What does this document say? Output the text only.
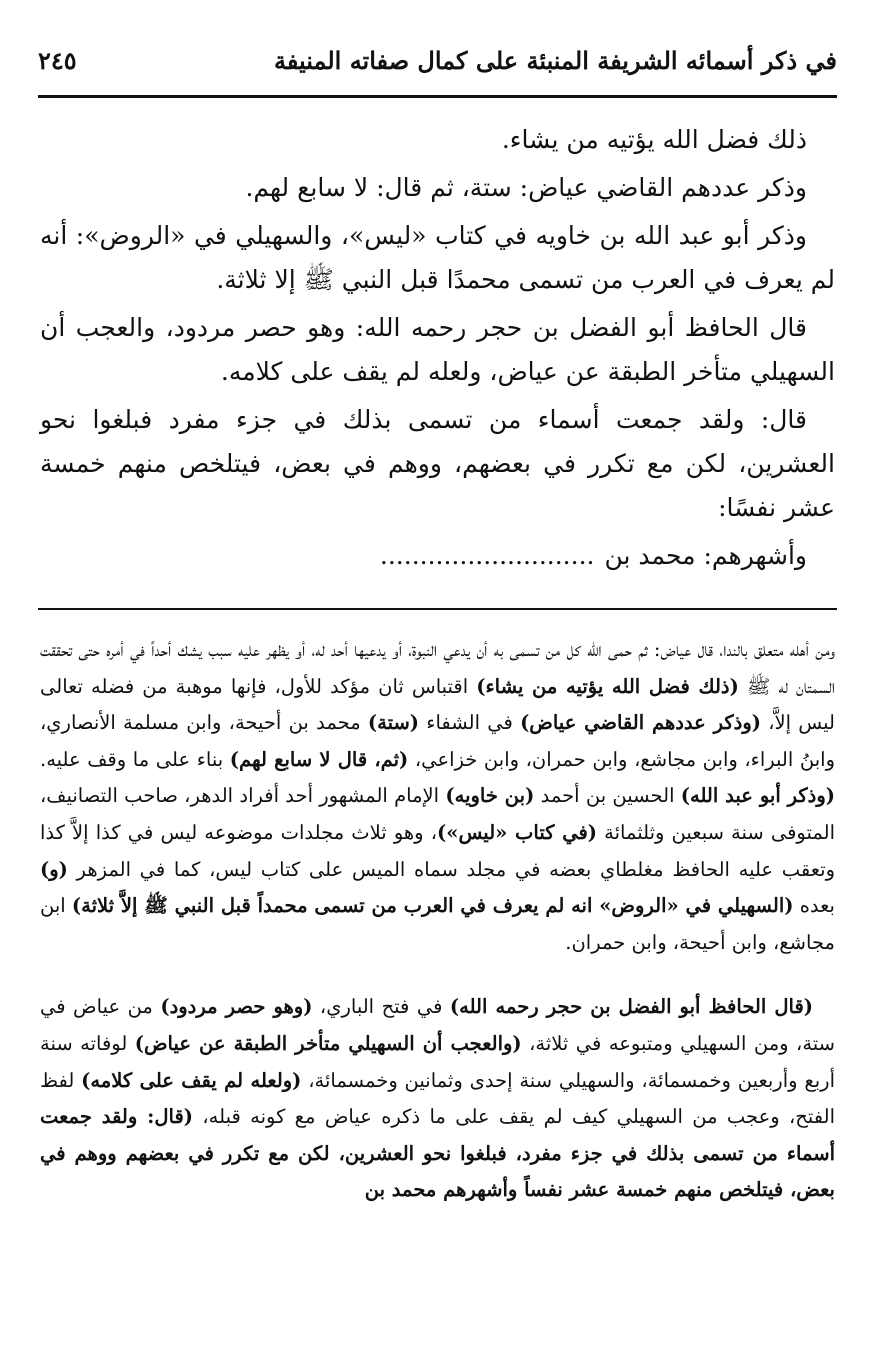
في ذكر أسمائه الشريفة المنبئة على كمال صفاته المنيفة
٢٤٥

ذلك فضل الله يؤتيه من يشاء.

وذكر عددهم القاضي عياض: ستة، ثم قال: لا سابع لهم.

وذكر أبو عبد الله بن خاويه في كتاب «ليس»، والسهيلي في «الروض»: أنه لم يعرف في العرب من تسمى محمدًا قبل النبي ﷺ إلا ثلاثة.

قال الحافظ أبو الفضل بن حجر رحمه الله: وهو حصر مردود، والعجب أن السهيلي متأخر الطبقة عن عياض، ولعله لم يقف على كلامه.

قال: ولقد جمعت أسماء من تسمى بذلك في جزء مفرد فبلغوا نحو العشرين، لكن مع تكرر في بعضهم، ووهم في بعض، فيتلخص منهم خمسة عشر نفسًا:

وأشهرهم: محمد بن...........................

ومن أهله متعلق بالندا، قال عياض: ثم حمى الله كل من تسمى به أن يدعي النبوة، أو يدعيها أحد له، أو يظهر عليه سبب يشك أحداً في أمره حتى تحققت السمتان له ﷺ (ذلك فضل الله يؤتيه من يشاء) اقتباس ثان مؤكد للأول، فإنها موهبة من فضله تعالى ليس إلاَّ، (وذكر عددهم القاضي عياض) في الشفاء (ستة) محمد بن أحيحة، وابن مسلمة الأنصاري، وابنُ البراء، وابن مجاشع، وابن حمران، وابن خزاعي، (ثم، قال لا سابع لهم) بناء على ما وقف عليه. (وذكر أبو عبد الله) الحسين بن أحمد (بن خاويه) الإمام المشهور أحد أفراد الدهر، صاحب التصانيف، المتوفى سنة سبعين وثلثمائة (في كتاب «ليس»)، وهو ثلاث مجلدات موضوعه ليس في كذا إلاَّ كذا وتعقب عليه الحافظ مغلطاي بعضه في مجلد سماه الميس على كتاب ليس، كما في المزهر (و) بعده (السهيلي في «الروض» انه لم يعرف في العرب من تسمى محمداً قبل النبي ﷺ إلاَّ ثلاثة) ابن مجاشع، وابن أحيحة، وابن حمران.

(قال الحافظ أبو الفضل بن حجر رحمه الله) في فتح الباري، (وهو حصر مردود) من عياض في ستة، ومن السهيلي ومتبوعه في ثلاثة، (والعجب أن السهيلي متأخر الطبقة عن عياض) لوفاته سنة أربع وأربعين وخمسمائة، والسهيلي سنة إحدى وثمانين وخمسمائة، (ولعله لم يقف على كلامه) لفظ الفتح، وعجب من السهيلي كيف لم يقف على ما ذكره عياض مع كونه قبله، (قال: ولقد جمعت أسماء من تسمى بذلك في جزء مفرد، فبلغوا نحو العشرين، لكن مع تكرر في بعضهم ووهم في بعض، فيتلخص منهم خمسة عشر نفساً وأشهرهم محمد بن
